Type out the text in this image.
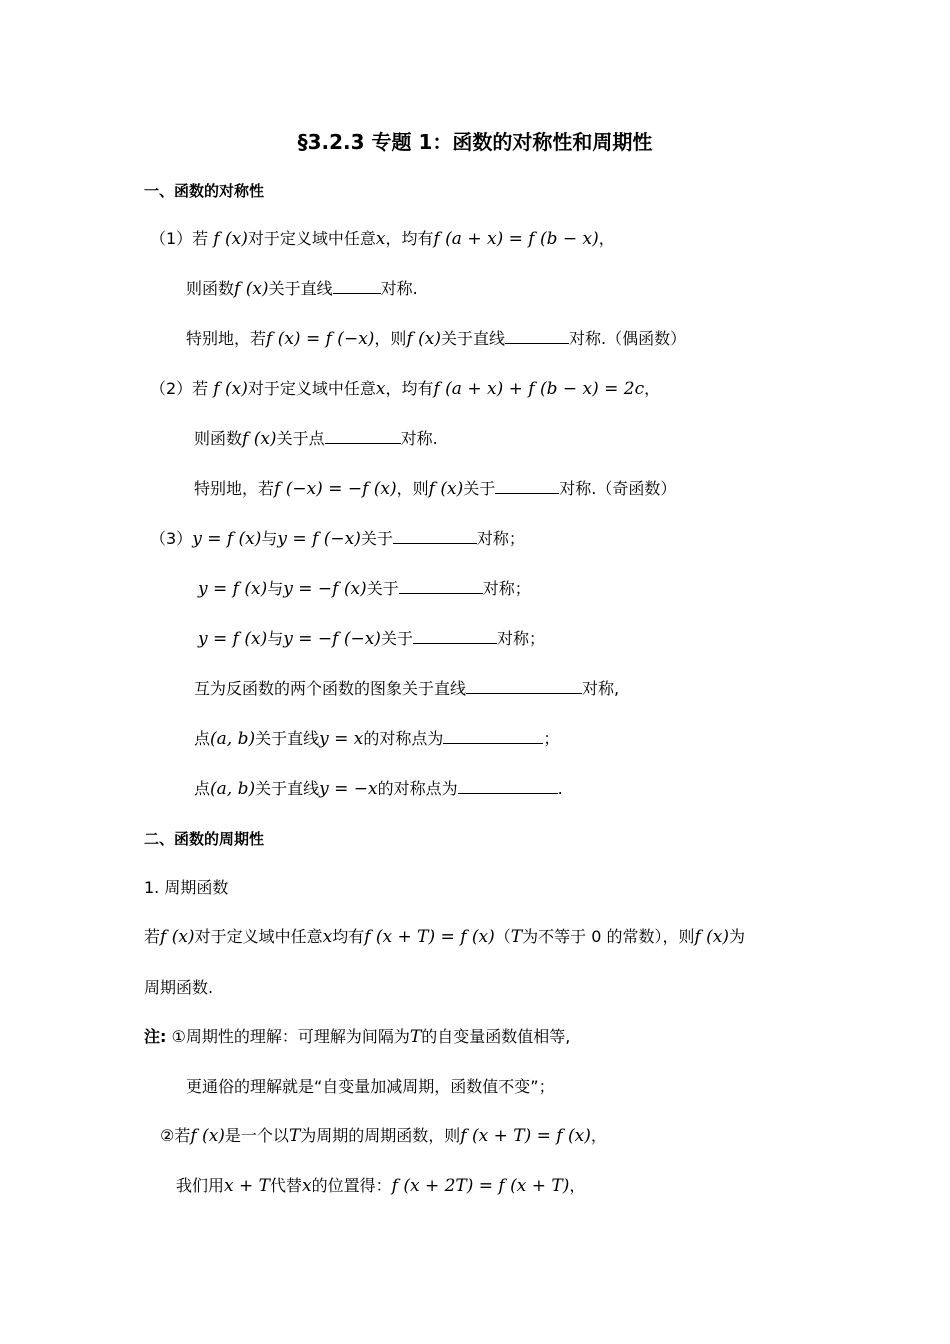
§3.2.3 专题 1：函数的对称性和周期性
一、函数的对称性
（1）若 f (x)对于定义域中任意x，均有f (a + x) = f (b − x)，
则函数f (x)关于直线	对称.
特别地，若f (x) = f (−x)，则f (x)关于直线	对称.（偶函数）
（2）若 f (x)对于定义域中任意x，均有f (a + x) + f (b − x) = 2c，
则函数f (x)关于点	对称.
特别地，若f (−x) = −f (x)，则f (x)关于	对称.（奇函数）
（3）y = f (x)与y = f (−x)关于	对称；
y = f (x)与y = −f (x)关于	对称；
y = f (x)与y = −f (−x)关于	对称；
互为反函数的两个函数的图象关于直线	对称,
点(a, b)关于直线y = x的对称点为	；
点(a, b)关于直线y = −x的对称点为	.
二、函数的周期性
1. 周期函数
若f (x)对于定义域中任意x均有f (x + T) = f (x)（T为不等于 0 的常数），则f (x)为
周期函数.
注: ①周期性的理解：可理解为间隔为T的自变量函数值相等,
更通俗的理解就是“自变量加减周期，函数值不变”；
②若f (x)是一个以T为周期的周期函数，则f (x + T) = f (x)，
我们用x + T代替x的位置得：f (x + 2T) = f (x + T)，
